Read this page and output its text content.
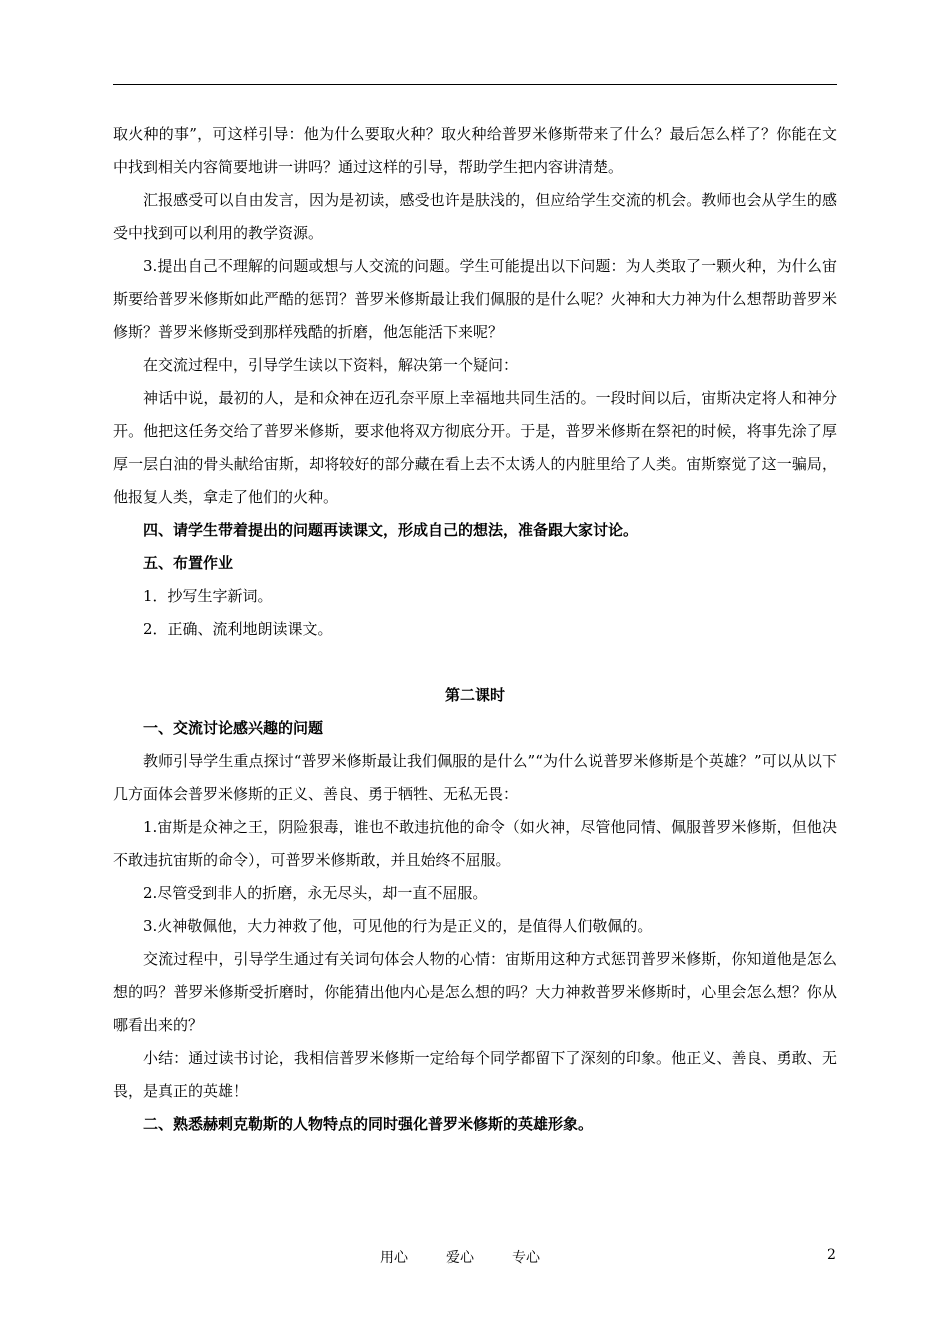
取火种的事”，可这样引导：他为什么要取火种？取火种给普罗米修斯带来了什么？最后怎么样了？你能在文中找到相关内容简要地讲一讲吗？通过这样的引导，帮助学生把内容讲清楚。

汇报感受可以自由发言，因为是初读，感受也许是肤浅的，但应给学生交流的机会。教师也会从学生的感受中找到可以利用的教学资源。

3.提出自己不理解的问题或想与人交流的问题。学生可能提出以下问题：为人类取了一颗火种，为什么宙斯要给普罗米修斯如此严酷的惩罚？普罗米修斯最让我们佩服的是什么呢？火神和大力神为什么想帮助普罗米修斯？普罗米修斯受到那样残酷的折磨，他怎能活下来呢？

在交流过程中，引导学生读以下资料，解决第一个疑问：

神话中说，最初的人，是和众神在迈孔奈平原上幸福地共同生活的。一段时间以后，宙斯决定将人和神分开。他把这任务交给了普罗米修斯，要求他将双方彻底分开。于是，普罗米修斯在祭祀的时候，将事先涂了厚厚一层白油的骨头献给宙斯，却将较好的部分藏在看上去不太诱人的内脏里给了人类。宙斯察觉了这一骗局，他报复人类，拿走了他们的火种。

四、请学生带着提出的问题再读课文，形成自己的想法，准备跟大家讨论。

五、布置作业

1．抄写生字新词。

2．正确、流利地朗读课文。

第二课时

一、交流讨论感兴趣的问题

教师引导学生重点探讨“普罗米修斯最让我们佩服的是什么”“为什么说普罗米修斯是个英雄？”可以从以下几方面体会普罗米修斯的正义、善良、勇于牺牲、无私无畏：

1.宙斯是众神之王，阴险狠毒，谁也不敢违抗他的命令（如火神，尽管他同情、佩服普罗米修斯，但他决不敢违抗宙斯的命令），可普罗米修斯敢，并且始终不屈服。

2.尽管受到非人的折磨，永无尽头，却一直不屈服。

3.火神敬佩他，大力神救了他，可见他的行为是正义的，是值得人们敬佩的。

交流过程中，引导学生通过有关词句体会人物的心情：宙斯用这种方式惩罚普罗米修斯，你知道他是怎么想的吗？普罗米修斯受折磨时，你能猜出他内心是怎么想的吗？大力神救普罗米修斯时，心里会怎么想？你从哪看出来的？

小结：通过读书讨论，我相信普罗米修斯一定给每个同学都留下了深刻的印象。他正义、善良、勇敢、无畏，是真正的英雄！

二、熟悉赫剌克勒斯的人物特点的同时强化普罗米修斯的英雄形象。

用心	爱心	专心	2
